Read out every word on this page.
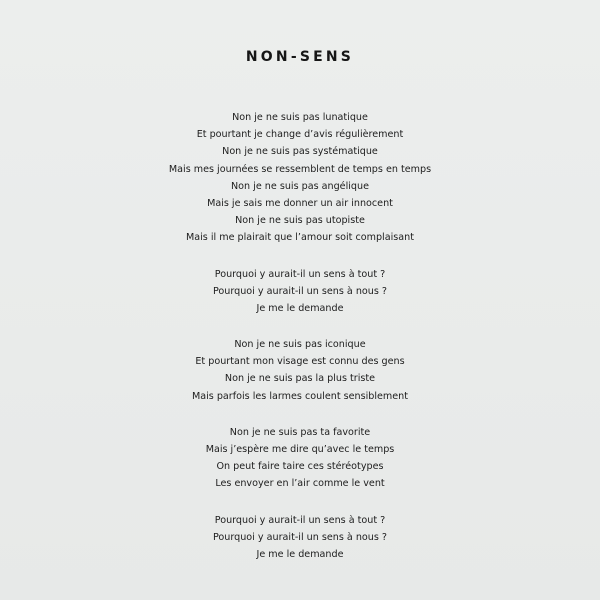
NON-SENS
Non je ne suis pas lunatique
Et pourtant je change d’avis régulièrement
Non je ne suis pas systématique
Mais mes journées se ressemblent de temps en temps
Non je ne suis pas angélique
Mais je sais me donner un air innocent
Non je ne suis pas utopiste
Mais il me plairait que l’amour soit complaisant
Pourquoi y aurait-il un sens à tout ?
Pourquoi y aurait-il un sens à nous ?
Je me le demande
Non je ne suis pas iconique
Et pourtant mon visage est connu des gens
Non je ne suis pas la plus triste
Mais parfois les larmes coulent sensiblement
Non je ne suis pas ta favorite
Mais j’espère me dire qu’avec le temps
On peut faire taire ces stéréotypes
Les envoyer en l’air comme le vent
Pourquoi y aurait-il un sens à tout ?
Pourquoi y aurait-il un sens à nous ?
Je me le demande
